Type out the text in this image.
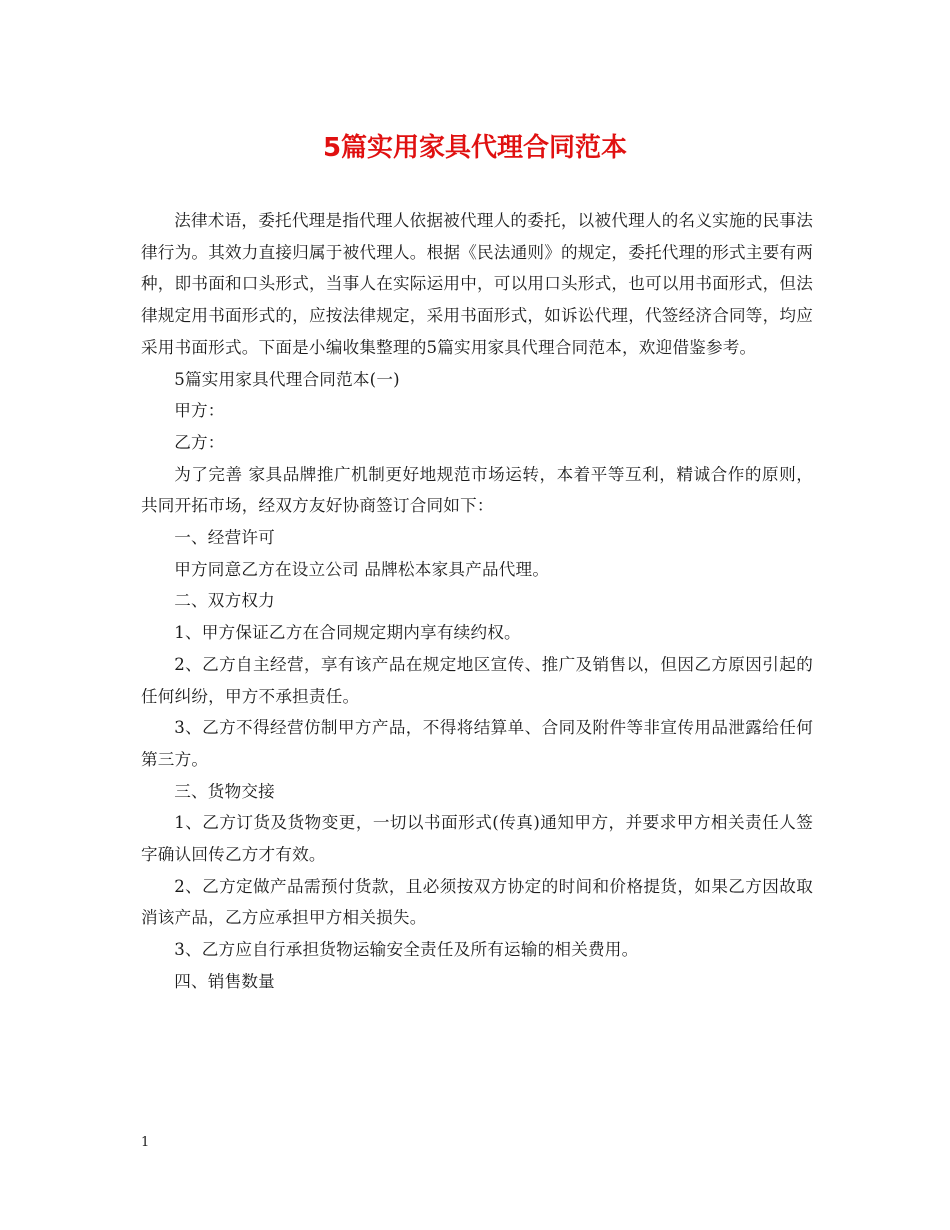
5篇实用家具代理合同范本

法律术语，委托代理是指代理人依据被代理人的委托，以被代理人的名义实施的民事法律行为。其效力直接归属于被代理人。根据《民法通则》的规定，委托代理的形式主要有两种，即书面和口头形式，当事人在实际运用中，可以用口头形式，也可以用书面形式，但法律规定用书面形式的，应按法律规定，采用书面形式，如诉讼代理，代签经济合同等，均应采用书面形式。下面是小编收集整理的5篇实用家具代理合同范本，欢迎借鉴参考。

5篇实用家具代理合同范本(一)

甲方：

乙方：

为了完善 家具品牌推广机制更好地规范市场运转，本着平等互利，精诚合作的原则，共同开拓市场，经双方友好协商签订合同如下：

一、经营许可

甲方同意乙方在设立公司 品牌松本家具产品代理。

二、双方权力

1、甲方保证乙方在合同规定期内享有续约权。

2、乙方自主经营，享有该产品在规定地区宣传、推广及销售以，但因乙方原因引起的任何纠纷，甲方不承担责任。

3、乙方不得经营仿制甲方产品，不得将结算单、合同及附件等非宣传用品泄露给任何第三方。

三、货物交接

1、乙方订货及货物变更，一切以书面形式(传真)通知甲方，并要求甲方相关责任人签字确认回传乙方才有效。

2、乙方定做产品需预付货款，且必须按双方协定的时间和价格提货，如果乙方因故取消该产品，乙方应承担甲方相关损失。

3、乙方应自行承担货物运输安全责任及所有运输的相关费用。

四、销售数量

1
